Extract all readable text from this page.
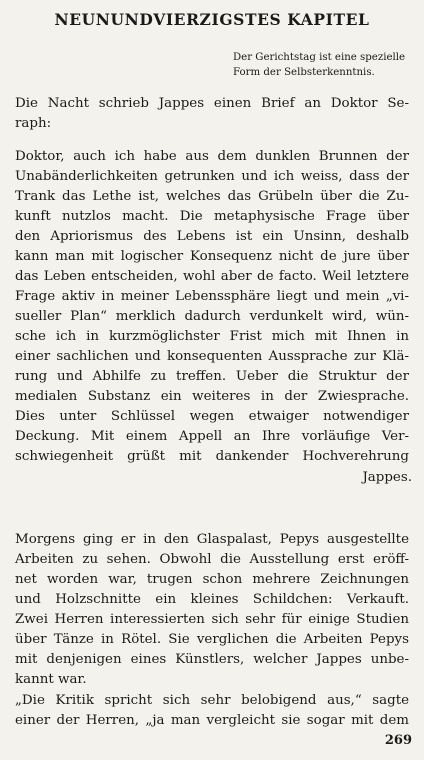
NEUNUNDVIERZIGSTES KAPITEL
Der Gerichtstag ist eine spezielle
Form der Selbsterkenntnis.
Die Nacht schrieb Jappes einen Brief an Doktor Se-
raph:
Doktor, auch ich habe aus dem dunklen Brunnen der
Unabänderlichkeiten getrunken und ich weiss, dass der
Trank das Lethe ist, welches das Grübeln über die Zu-
kunft nutzlos macht. Die metaphysische Frage über
den Apriorismus des Lebens ist ein Unsinn, deshalb
kann man mit logischer Konsequenz nicht de jure über
das Leben entscheiden, wohl aber de facto. Weil letztere
Frage aktiv in meiner Lebenssphäre liegt und mein „vi-
sueller Plan“ merklich dadurch verdunkelt wird, wün-
sche ich in kurzmöglichster Frist mich mit Ihnen in
einer sachlichen und konsequenten Aussprache zur Klä-
rung und Abhilfe zu treffen. Ueber die Struktur der
medialen Substanz ein weiteres in der Zwiesprache.
Dies unter Schlüssel wegen etwaiger notwendiger
Deckung. Mit einem Appell an Ihre vorläufige Ver-
schwiegenheit grüßt mit dankender Hochverehrung
Jappes.
Morgens ging er in den Glaspalast, Pepys ausgestellte
Arbeiten zu sehen. Obwohl die Ausstellung erst eröff-
net worden war, trugen schon mehrere Zeichnungen
und Holzschnitte ein kleines Schildchen: Verkauft.
Zwei Herren interessierten sich sehr für einige Studien
über Tänze in Rötel. Sie verglichen die Arbeiten Pepys
mit denjenigen eines Künstlers, welcher Jappes unbe-
kannt war.
„Die Kritik spricht sich sehr belobigend aus,“ sagte
einer der Herren, „ja man vergleicht sie sogar mit dem
269
